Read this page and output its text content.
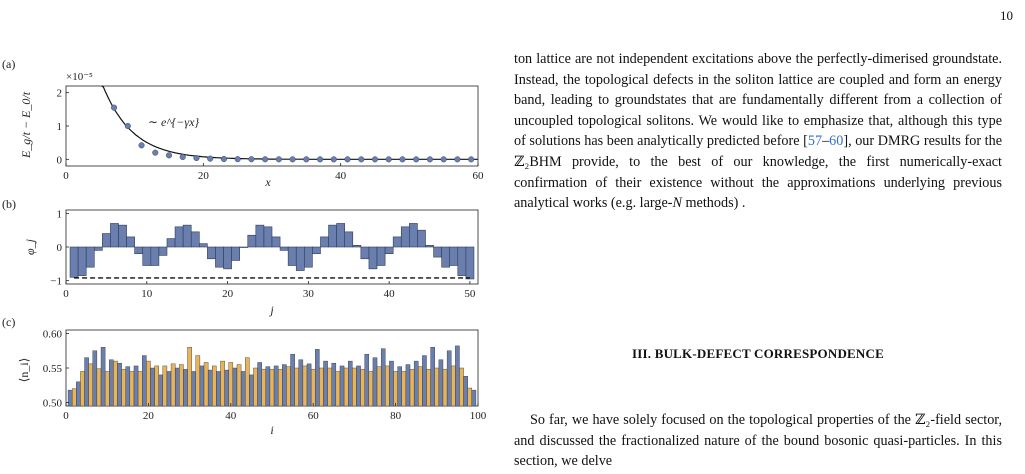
10
(a)
×10⁻⁵
E_g/t − E_0/t	∼ e^{−γx}
x
0	20	40	60
0
1
2
(b)
φ_j
j
0	10	20	30	40	50
−1
0
1
(c)
⟨n_i⟩
i
0	20	40	60	80	100
0.50
0.55
0.60

ton lattice are not independent excitations above the perfectly-dimerised groundstate. Instead, the topological defects in the soliton lattice are coupled and form an energy band, leading to groundstates that are fundamentally different from a collection of uncoupled topological solitons. We would like to emphasize that, although this type of solutions has been analytically predicted before [57–60], our DMRG results for the ℤ₂BHM provide, to the best of our knowledge, the first numerically-exact confirmation of their existence without the approximations underlying previous analytical works (e.g. large-N methods) .

III. BULK-DEFECT CORRESPONDENCE

So far, we have solely focused on the topological properties of the ℤ₂-field sector, and discussed the fractionalized nature of the bound bosonic quasi-particles. In this section, we delve
